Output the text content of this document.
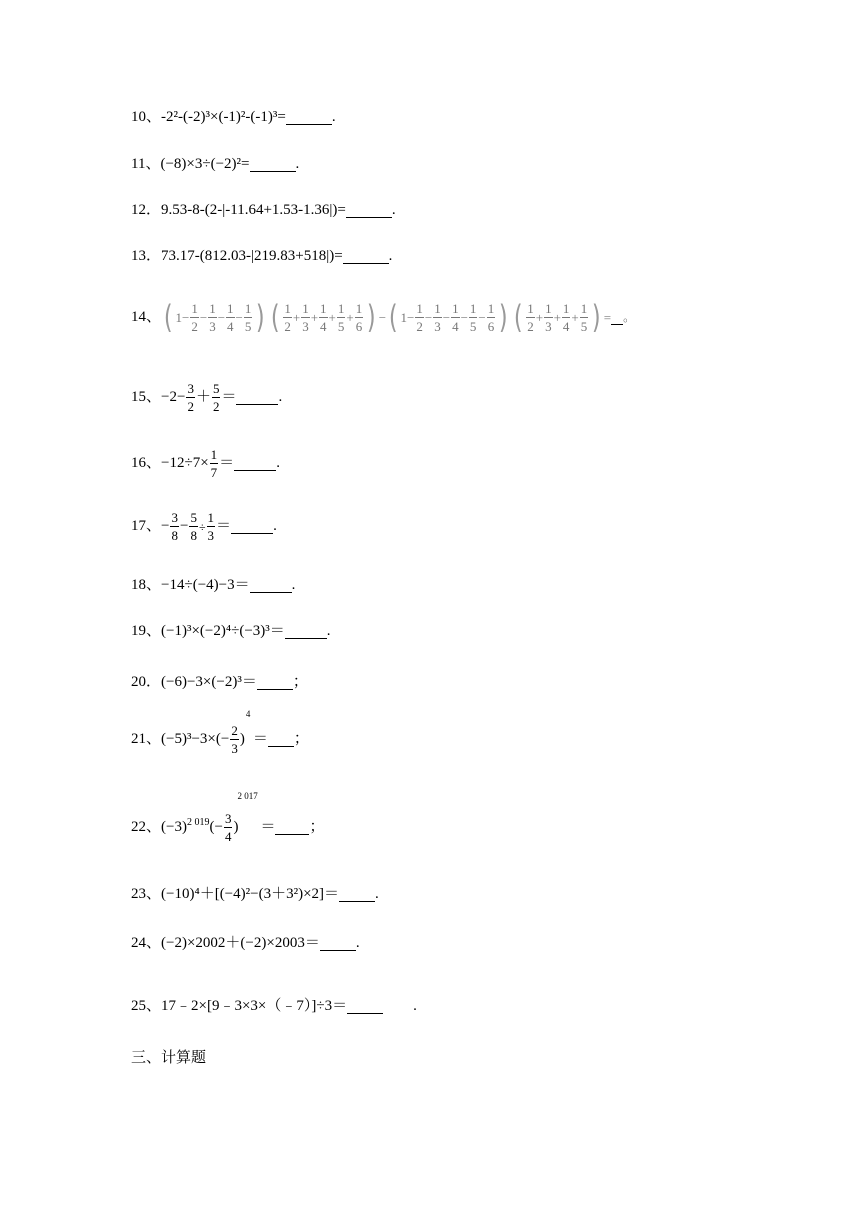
10、 -2²-(-2)³×(-1)²-(-1)³=	.
11、 (−8)×3÷(−2)²=	.
12． 9.53-8-(2-|-11.64+1.53-1.36|)=	.
13． 73.17-(812.03-|219.83+518|)=	.
14、 ( $1 - \frac{1}{2} - \frac{1}{3} - \frac{1}{4} - \frac{1}{5}$ ) ( $\frac{1}{2} + \frac{1}{3} + \frac{1}{4} + \frac{1}{5} + \frac{1}{6}$ ) − ( $1 - \frac{1}{2} - \frac{1}{3} - \frac{1}{4} - \frac{1}{5} - \frac{1}{6}$ ) ( $\frac{1}{2} + \frac{1}{3} + \frac{1}{4} + \frac{1}{5}$ ) = 。
15、 $-2- \frac{3}{2} + \frac{5}{2}$ ＝	.
16、 $-12\div 7\times \frac{1}{7}$ ＝	.
17、 − $\frac{3}{8} - \frac{5}{8} \div \frac{1}{3}$ ＝	.
18、 −14÷(−4)−3＝	.
19、 (−1)³×(−2)⁴÷(−3)³＝	.
20． (−6)−3×(−2)³＝ ；
21、 $(-5)^3-3\times(- \frac{2}{3}$ )
4
＝ ；
22、 (−3) 2 019 (− $\frac{3}{4}$ )
2 017
＝ ；
23、 (−10)⁴＋[(−4)²−(3＋3²)×2]＝ .
24、 (−2)×2002＋(−2)×2003＝ .
25、 17﹣2×[9﹣3×3×（﹣7）]÷3＝	.
三、计算题
